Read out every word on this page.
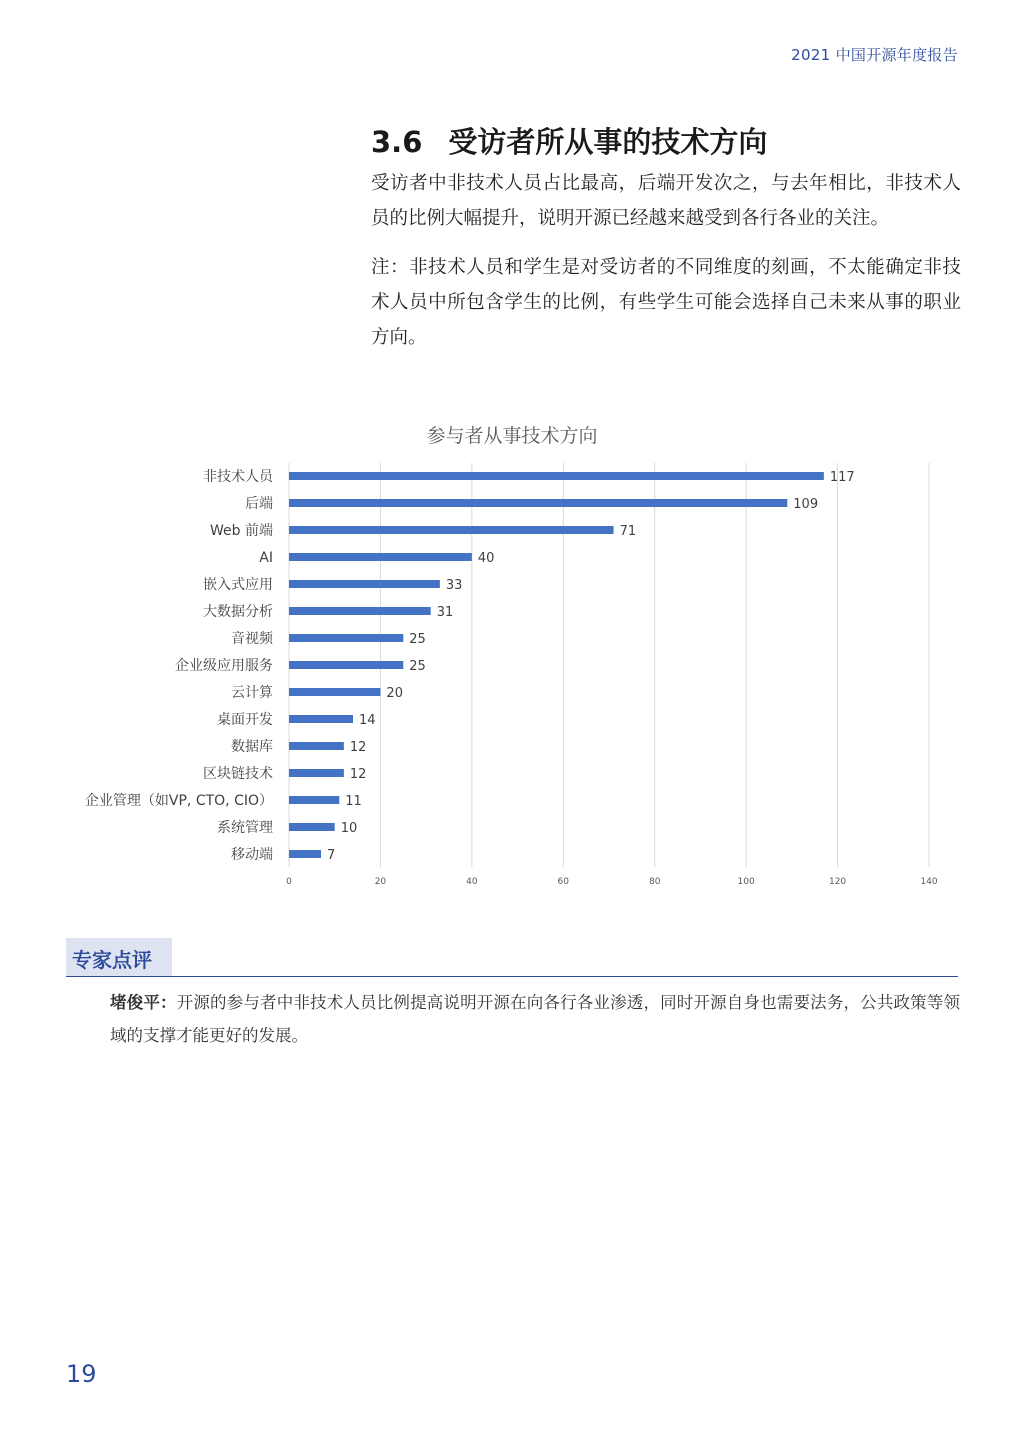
2021 中国开源年度报告
3.6 受访者所从事的技术方向

受访者中非技术人员占比最高，后端开发次之，与去年相比，非技术人员的比例大幅提升，说明开源已经越来越受到各行各业的关注。

注：非技术人员和学生是对受访者的不同维度的刻画，不太能确定非技术人员中所包含学生的比例，有些学生可能会选择自己未来从事的职业方向。

参与者从事技术方向
0	20	40	60	80	100	120	140
非技术人员	117
后端	109
Web 前端	71
AI	40
嵌入式应用	33
大数据分析	31
音视频	25
企业级应用服务	25
云计算	20
桌面开发	14
数据库	12
区块链技术	12
企业管理（如VP, CTO, CIO）	11
系统管理	10
移动端	7
专家点评

堵俊平：开源的参与者中非技术人员比例提高说明开源在向各行各业渗透，同时开源自身也需要法务，公共政策等领域的支撑才能更好的发展。

19
